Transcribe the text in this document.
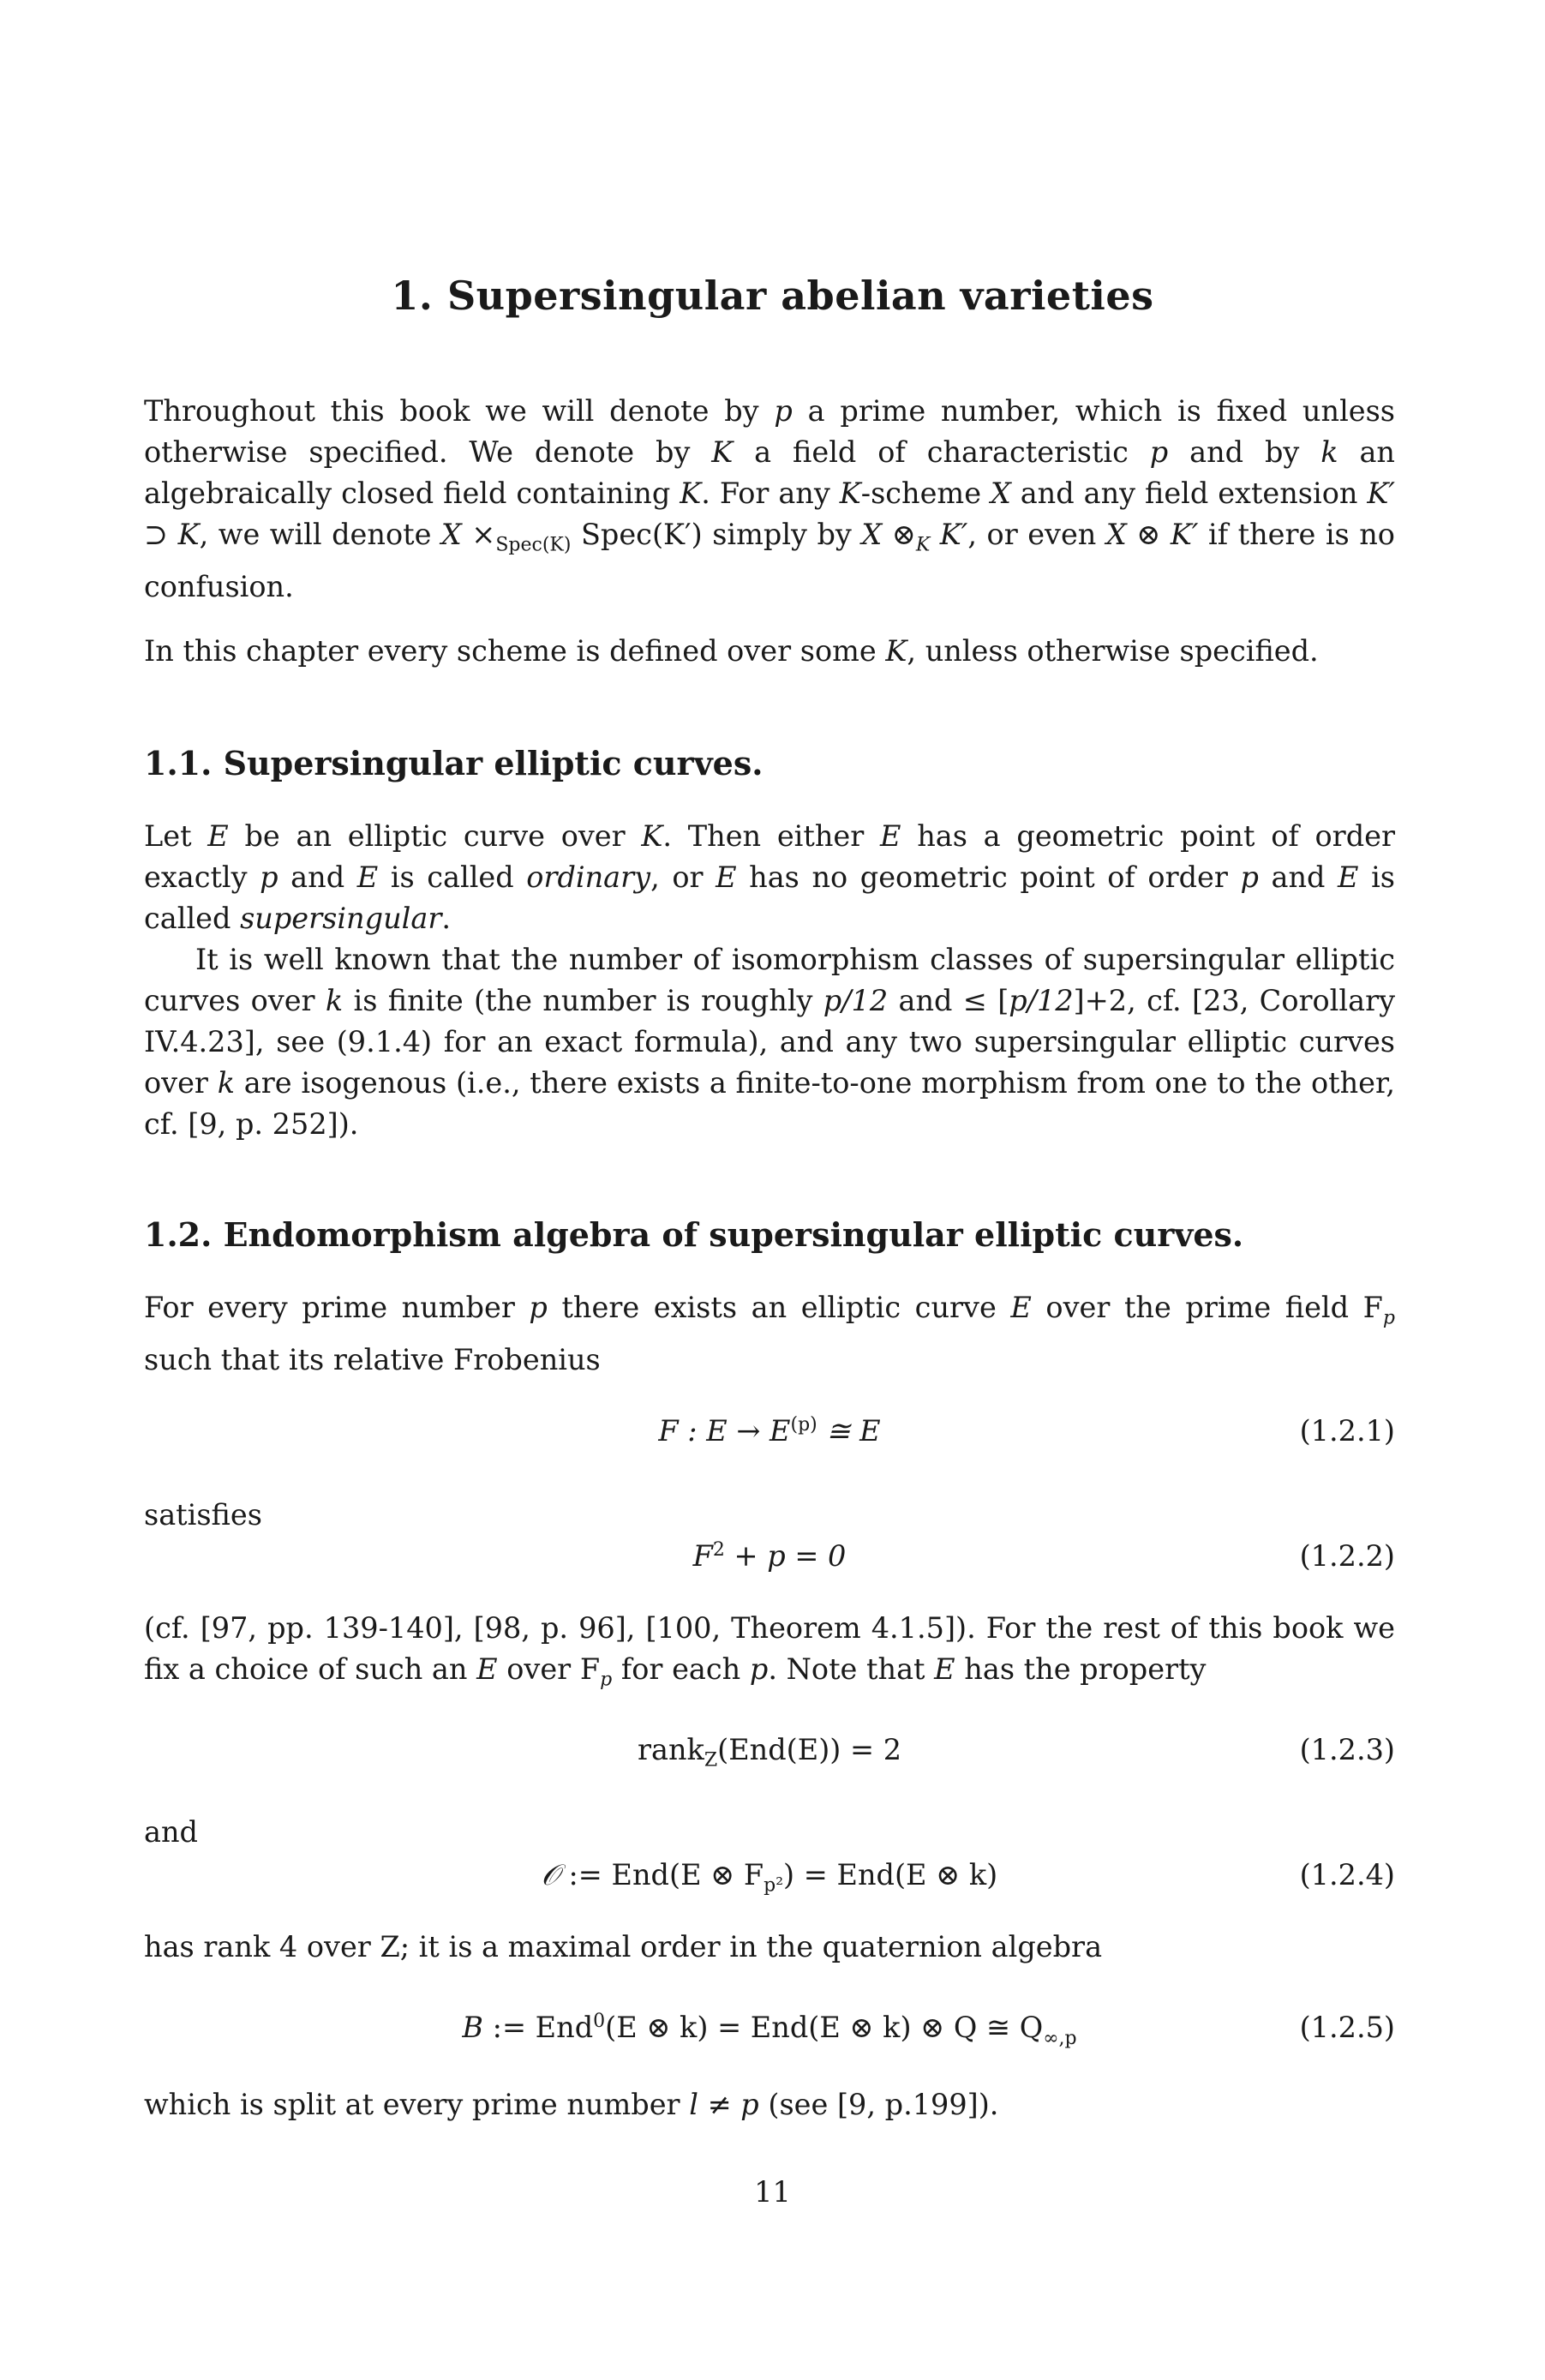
1. Supersingular abelian varieties

Throughout this book we will denote by p a prime number, which is fixed unless otherwise specified. We denote by K a field of characteristic p and by k an algebraically closed field containing K. For any K-scheme X and any field extension K′ ⊃ K, we will denote $X \times_{Spec(K)}$ Spec(K′) simply by X $\otimes_K$ K′, or even X ⊗ K′ if there is no confusion.

In this chapter every scheme is defined over some K, unless otherwise specified.

1.1. Supersingular elliptic curves.

Let E be an elliptic curve over K. Then either E has a geometric point of order exactly p and E is called ordinary, or E has no geometric point of order p and E is called supersingular.

It is well known that the number of isomorphism classes of supersingular elliptic curves over k is finite (the number is roughly p/12 and ≤ [p/12]+2, cf. [23, Corollary IV.4.23], see (9.1.4) for an exact formula), and any two supersingular elliptic curves over k are isogenous (i.e., there exists a finite-to-one morphism from one to the other, cf. [9, p. 252]).

1.2. Endomorphism algebra of supersingular elliptic curves.

For every prime number p there exists an elliptic curve E over the prime field $F_p$ such that its relative Frobenius

F : $E \to E^{(p)}$ ≅ E	(1.2.1)
satisfies
$F^2 + p = 0$	(1.2.2)

(cf. [97, pp. 139-140], [98, p. 96], [100, Theorem 4.1.5]). For the rest of this book we fix a choice of such an E over $F_p$ for each p. Note that E has the property

rank$_Z$(End(E)) = 2	(1.2.3)
and
𝒪 := End(E ⊗ $F_{p^2}) = End(E$ ⊗ k)	(1.2.4)

has rank 4 over Z; it is a maximal order in the quaternion algebra

B := End$^0$(E ⊗ k) = End(E ⊗ k) ⊗ Q ≅ $Q_{\infty,p}$	(1.2.5)

which is split at every prime number l ≠ p (see [9, p.199]).

11
